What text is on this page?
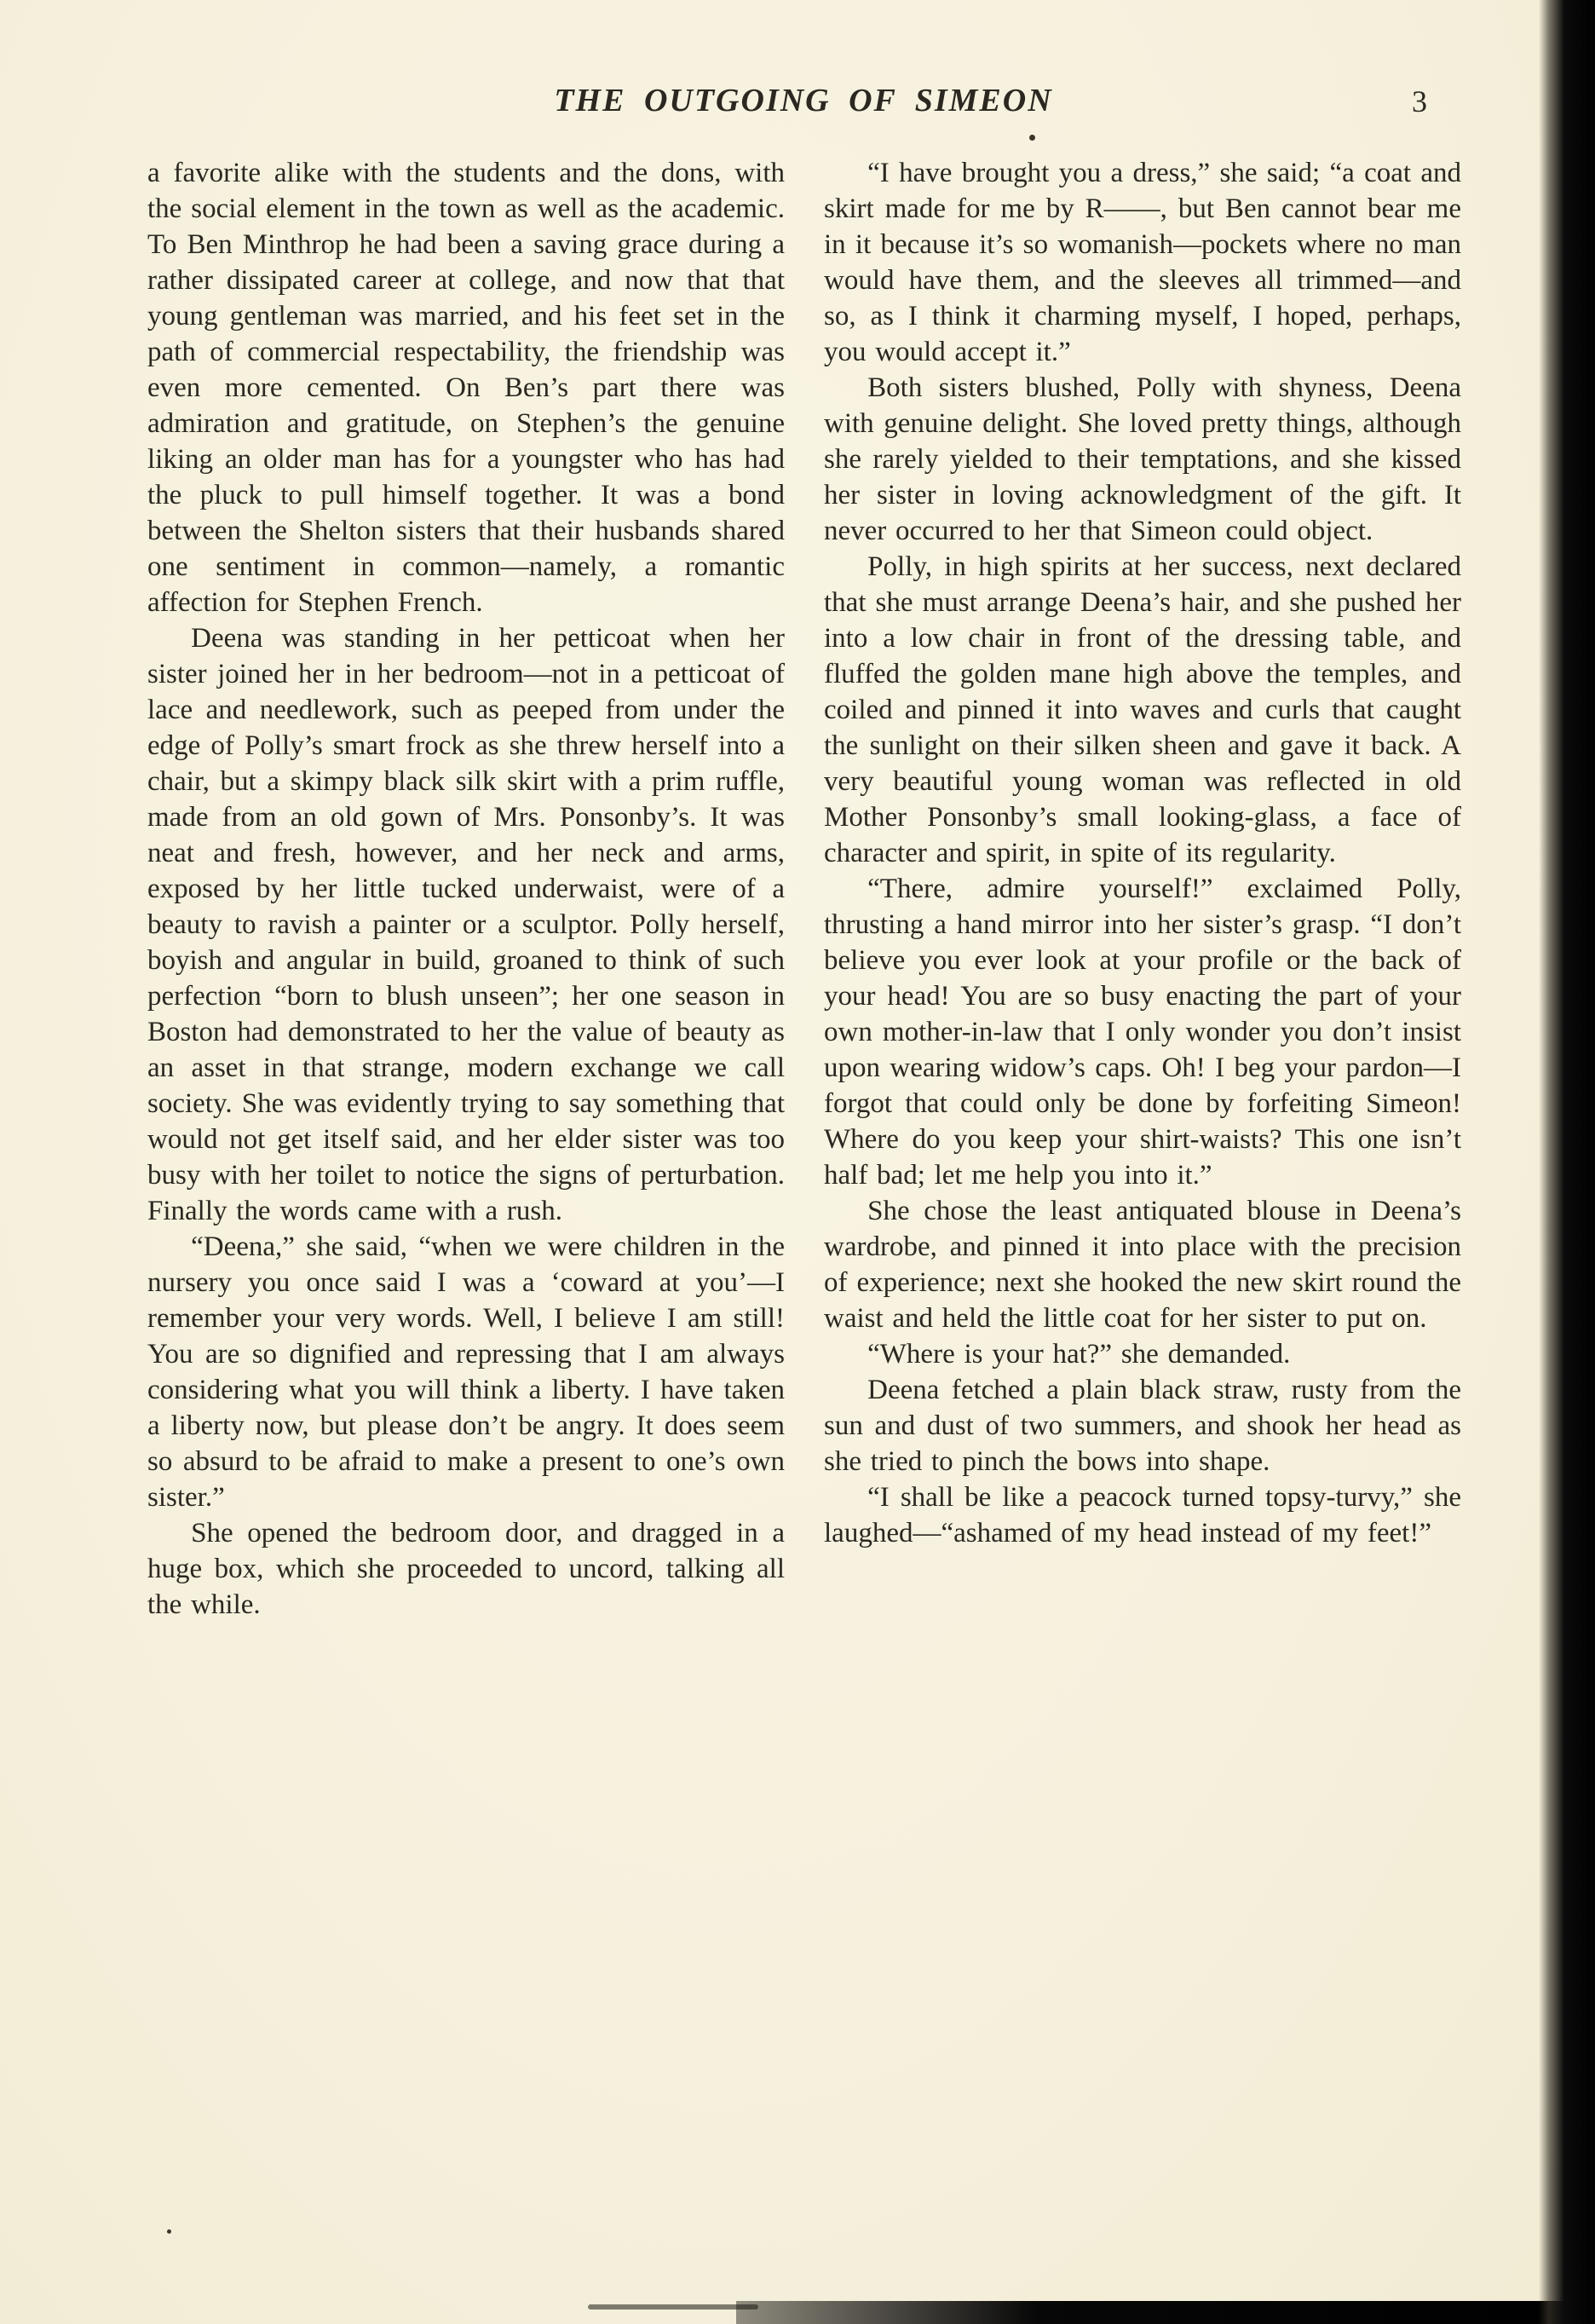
THE OUTGOING OF SIMEON	3

a favorite alike with the students and the dons, with the social element in the town as well as the academic. To Ben Minthrop he had been a saving grace during a rather dissipated career at college, and now that that young gentleman was married, and his feet set in the path of commercial respectability, the friendship was even more cemented. On Ben’s part there was admiration and gratitude, on Stephen’s the genuine liking an older man has for a youngster who has had the pluck to pull himself together. It was a bond between the Shelton sisters that their husbands shared one sentiment in common—namely, a romantic affection for Stephen French.

Deena was standing in her petticoat when her sister joined her in her bedroom—not in a petticoat of lace and needlework, such as peeped from under the edge of Polly’s smart frock as she threw herself into a chair, but a skimpy black silk skirt with a prim ruffle, made from an old gown of Mrs. Ponsonby’s. It was neat and fresh, however, and her neck and arms, exposed by her little tucked underwaist, were of a beauty to ravish a painter or a sculptor. Polly herself, boyish and angular in build, groaned to think of such perfection “born to blush unseen”; her one season in Boston had demonstrated to her the value of beauty as an asset in that strange, modern exchange we call society. She was evidently trying to say something that would not get itself said, and her elder sister was too busy with her toilet to notice the signs of perturbation. Finally the words came with a rush.

“Deena,” she said, “when we were children in the nursery you once said I was a ‘coward at you’—I remember your very words. Well, I believe I am still! You are so dignified and repressing that I am always considering what you will think a liberty. I have taken a liberty now, but please don’t be angry. It does seem so absurd to be afraid to make a present to one’s own sister.”

She opened the bedroom door, and dragged in a huge box, which she proceeded to uncord, talking all the while.

“I have brought you a dress,” she said; “a coat and skirt made for me by R——, but Ben cannot bear me in it because it’s so womanish—pockets where no man would have them, and the sleeves all trimmed—and so, as I think it charming myself, I hoped, perhaps, you would accept it.”

Both sisters blushed, Polly with shyness, Deena with genuine delight. She loved pretty things, although she rarely yielded to their temptations, and she kissed her sister in loving acknowledgment of the gift. It never occurred to her that Simeon could object.

Polly, in high spirits at her success, next declared that she must arrange Deena’s hair, and she pushed her into a low chair in front of the dressing table, and fluffed the golden mane high above the temples, and coiled and pinned it into waves and curls that caught the sunlight on their silken sheen and gave it back. A very beautiful young woman was reflected in old Mother Ponsonby’s small looking-glass, a face of character and spirit, in spite of its regularity.

“There, admire yourself!” exclaimed Polly, thrusting a hand mirror into her sister’s grasp. “I don’t believe you ever look at your profile or the back of your head! You are so busy enacting the part of your own mother-in-law that I only wonder you don’t insist upon wearing widow’s caps. Oh! I beg your pardon—I forgot that could only be done by forfeiting Simeon! Where do you keep your shirt-waists? This one isn’t half bad; let me help you into it.”

She chose the least antiquated blouse in Deena’s wardrobe, and pinned it into place with the precision of experience; next she hooked the new skirt round the waist and held the little coat for her sister to put on.

“Where is your hat?” she demanded.

Deena fetched a plain black straw, rusty from the sun and dust of two summers, and shook her head as she tried to pinch the bows into shape.

“I shall be like a peacock turned topsy-turvy,” she laughed—“ashamed of my head instead of my feet!”
